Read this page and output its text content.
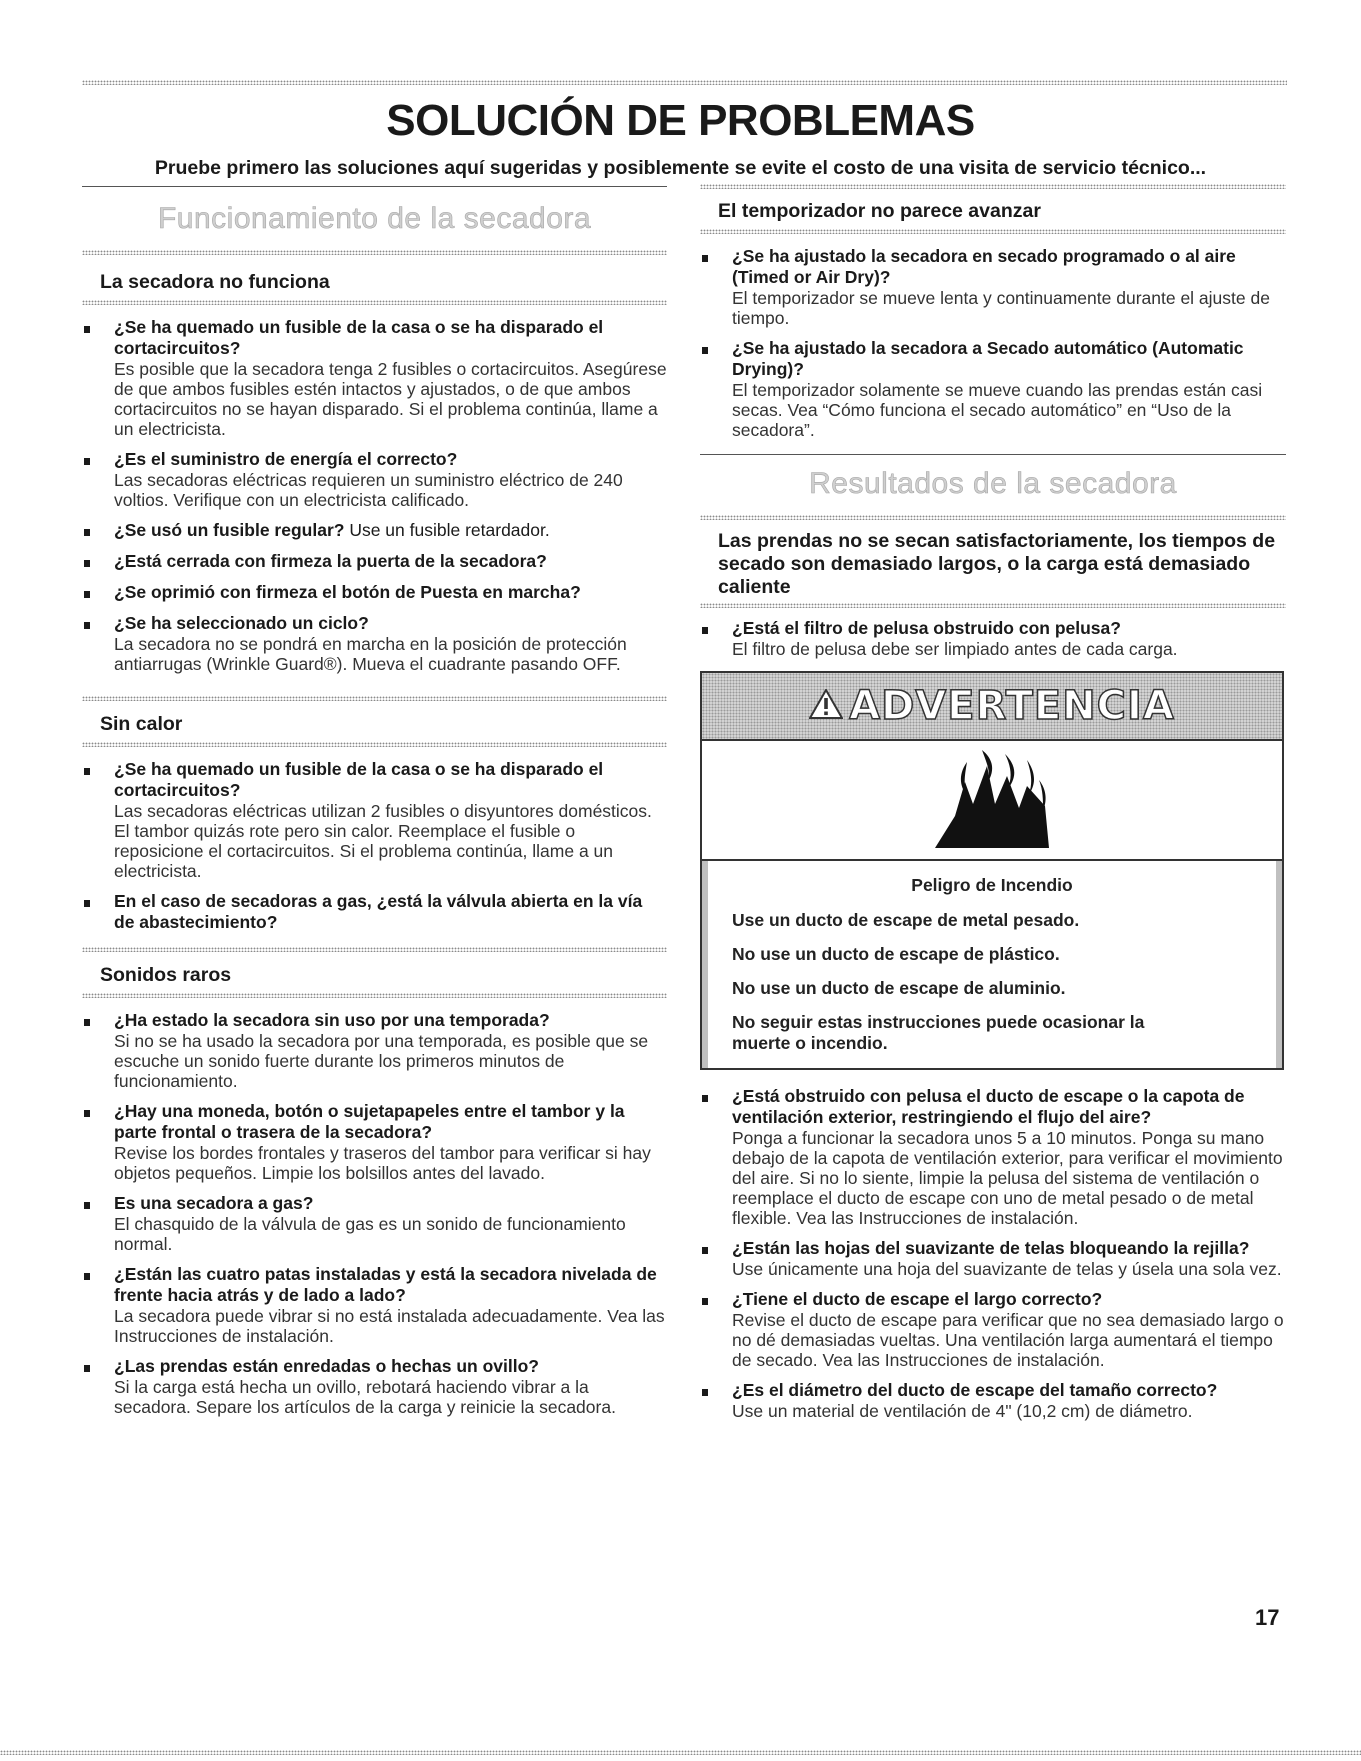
SOLUCIÓN DE PROBLEMAS

Pruebe primero las soluciones aquí sugeridas y posiblemente se evite el costo de una visita de servicio técnico...

Funcionamiento de la secadora
La secadora no funciona
¿Se ha quemado un fusible de la casa o se ha disparado el cortacircuitos?
Es posible que la secadora tenga 2 fusibles o cortacircuitos. Asegúrese de que ambos fusibles estén intactos y ajustados, o de que ambos cortacircuitos no se hayan disparado. Si el problema continúa, llame a un electricista.
¿Es el suministro de energía el correcto?
Las secadoras eléctricas requieren un suministro eléctrico de 240 voltios. Verifique con un electricista calificado.
¿Se usó un fusible regular? Use un fusible retardador.
¿Está cerrada con firmeza la puerta de la secadora?
¿Se oprimió con firmeza el botón de Puesta en marcha?
¿Se ha seleccionado un ciclo?
La secadora no se pondrá en marcha en la posición de protección antiarrugas (Wrinkle Guard®). Mueva el cuadrante pasando OFF.
Sin calor
¿Se ha quemado un fusible de la casa o se ha disparado el cortacircuitos?
Las secadoras eléctricas utilizan 2 fusibles o disyuntores domésticos. El tambor quizás rote pero sin calor. Reemplace el fusible o reposicione el cortacircuitos. Si el problema continúa, llame a un electricista.
En el caso de secadoras a gas, ¿está la válvula abierta en la vía de abastecimiento?
Sonidos raros
¿Ha estado la secadora sin uso por una temporada?
Si no se ha usado la secadora por una temporada, es posible que se escuche un sonido fuerte durante los primeros minutos de funcionamiento.
¿Hay una moneda, botón o sujetapapeles entre el tambor y la parte frontal o trasera de la secadora?
Revise los bordes frontales y traseros del tambor para verificar si hay objetos pequeños. Limpie los bolsillos antes del lavado.
Es una secadora a gas?
El chasquido de la válvula de gas es un sonido de funcionamiento normal.
¿Están las cuatro patas instaladas y está la secadora nivelada de frente hacia atrás y de lado a lado?
La secadora puede vibrar si no está instalada adecuadamente. Vea las Instrucciones de instalación.
¿Las prendas están enredadas o hechas un ovillo?
Si la carga está hecha un ovillo, rebotará haciendo vibrar a la secadora. Separe los artículos de la carga y reinicie la secadora.
El temporizador no parece avanzar
¿Se ha ajustado la secadora en secado programado o al aire (Timed or Air Dry)?
El temporizador se mueve lenta y continuamente durante el ajuste de tiempo.
¿Se ha ajustado la secadora a Secado automático (Automatic Drying)?
El temporizador solamente se mueve cuando las prendas están casi secas. Vea “Cómo funciona el secado automático” en “Uso de la secadora”.
Resultados de la secadora
Las prendas no se secan satisfactoriamente, los tiempos de secado son demasiado largos, o la carga está demasiado caliente
¿Está el filtro de pelusa obstruido con pelusa?
El filtro de pelusa debe ser limpiado antes de cada carga.
ADVERTENCIA

Peligro de Incendio

Use un ducto de escape de metal pesado.

No use un ducto de escape de plástico.

No use un ducto de escape de aluminio.

No seguir estas instrucciones puede ocasionar la muerte o incendio.

¿Está obstruido con pelusa el ducto de escape o la capota de ventilación exterior, restringiendo el flujo del aire?
Ponga a funcionar la secadora unos 5 a 10 minutos. Ponga su mano debajo de la capota de ventilación exterior, para verificar el movimiento del aire. Si no lo siente, limpie la pelusa del sistema de ventilación o reemplace el ducto de escape con uno de metal pesado o de metal flexible. Vea las Instrucciones de instalación.
¿Están las hojas del suavizante de telas bloqueando la rejilla?
Use únicamente una hoja del suavizante de telas y úsela una sola vez.
¿Tiene el ducto de escape el largo correcto?
Revise el ducto de escape para verificar que no sea demasiado largo o no dé demasiadas vueltas. Una ventilación larga aumentará el tiempo de secado. Vea las Instrucciones de instalación.
¿Es el diámetro del ducto de escape del tamaño correcto?
Use un material de ventilación de 4" (10,2 cm) de diámetro.
17
